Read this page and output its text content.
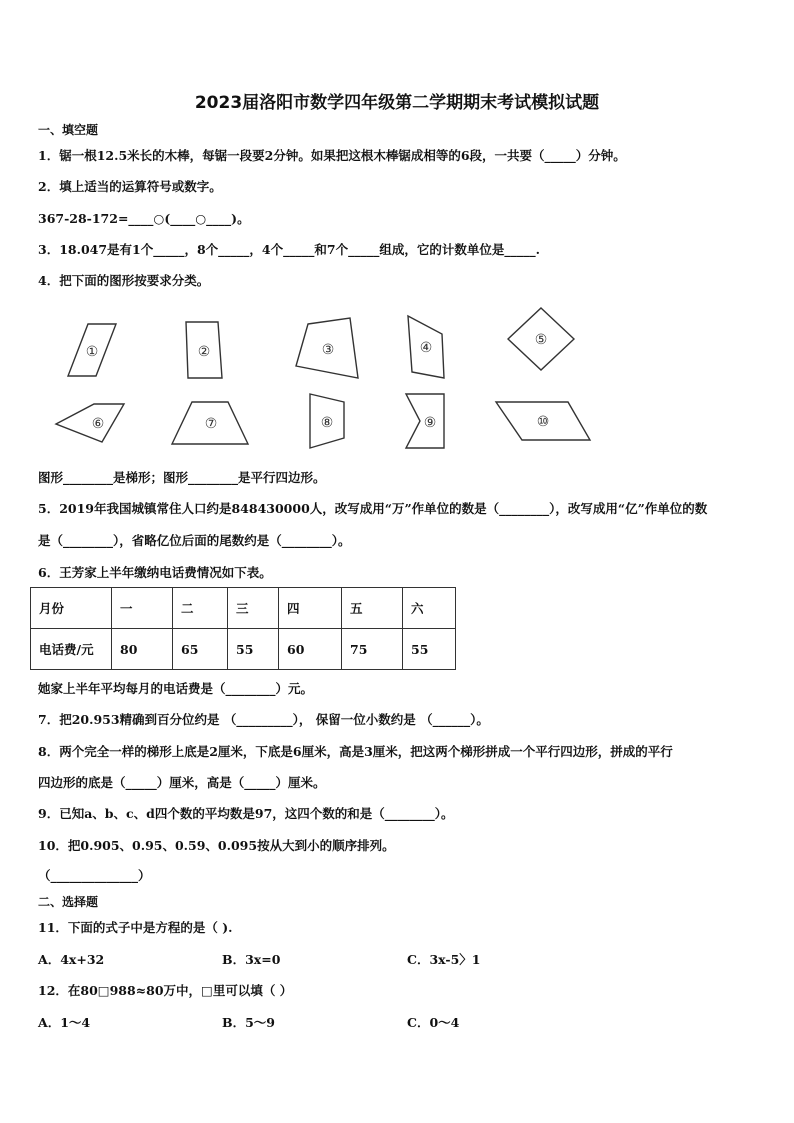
2023届洛阳市数学四年级第二学期期末考试模拟试题
一、填空题
1．锯一根12.5米长的木棒，每锯一段要2分钟。如果把这根木棒锯成相等的6段，一共要（_____）分钟。
2．填上适当的运算符号或数字。
367-28-172=____○(____○____)。
3．18.047是有1个_____，8个_____，4个_____和7个_____组成，它的计数单位是_____.
4．把下面的图形按要求分类。
①	②	③	④	⑤
⑥	⑦	⑧	⑨	⑩
图形________是梯形；图形________是平行四边形。
5．2019年我国城镇常住人口约是848430000人，改写成用“万”作单位的数是（________），改写成用“亿”作单位的数
是（________），省略亿位后面的尾数约是（________）。
6．王芳家上半年缴纳电话费情况如下表。
月份	一	二	三	四	五	六
电话费/元	80	65	55	60	75	55
她家上半年平均每月的电话费是（________）元。
7．把20.953精确到百分位约是 （_________）， 保留一位小数约是 （______）。
8．两个完全一样的梯形上底是2厘米，下底是6厘米，高是3厘米，把这两个梯形拼成一个平行四边形，拼成的平行
四边形的底是（_____）厘米，高是（_____）厘米。
9．已知a、b、c、d四个数的平均数是97，这四个数的和是（________）。
10．把0.905、0.95、0.59、0.095按从大到小的顺序排列。
（______________）
二、选择题
11．下面的式子中是方程的是（ ).
A．4x+32	B．3x=0	C．3x-5〉1
12．在80□988≈80万中，□里可以填（ ）
A．1～4	B．5～9	C．0～4
